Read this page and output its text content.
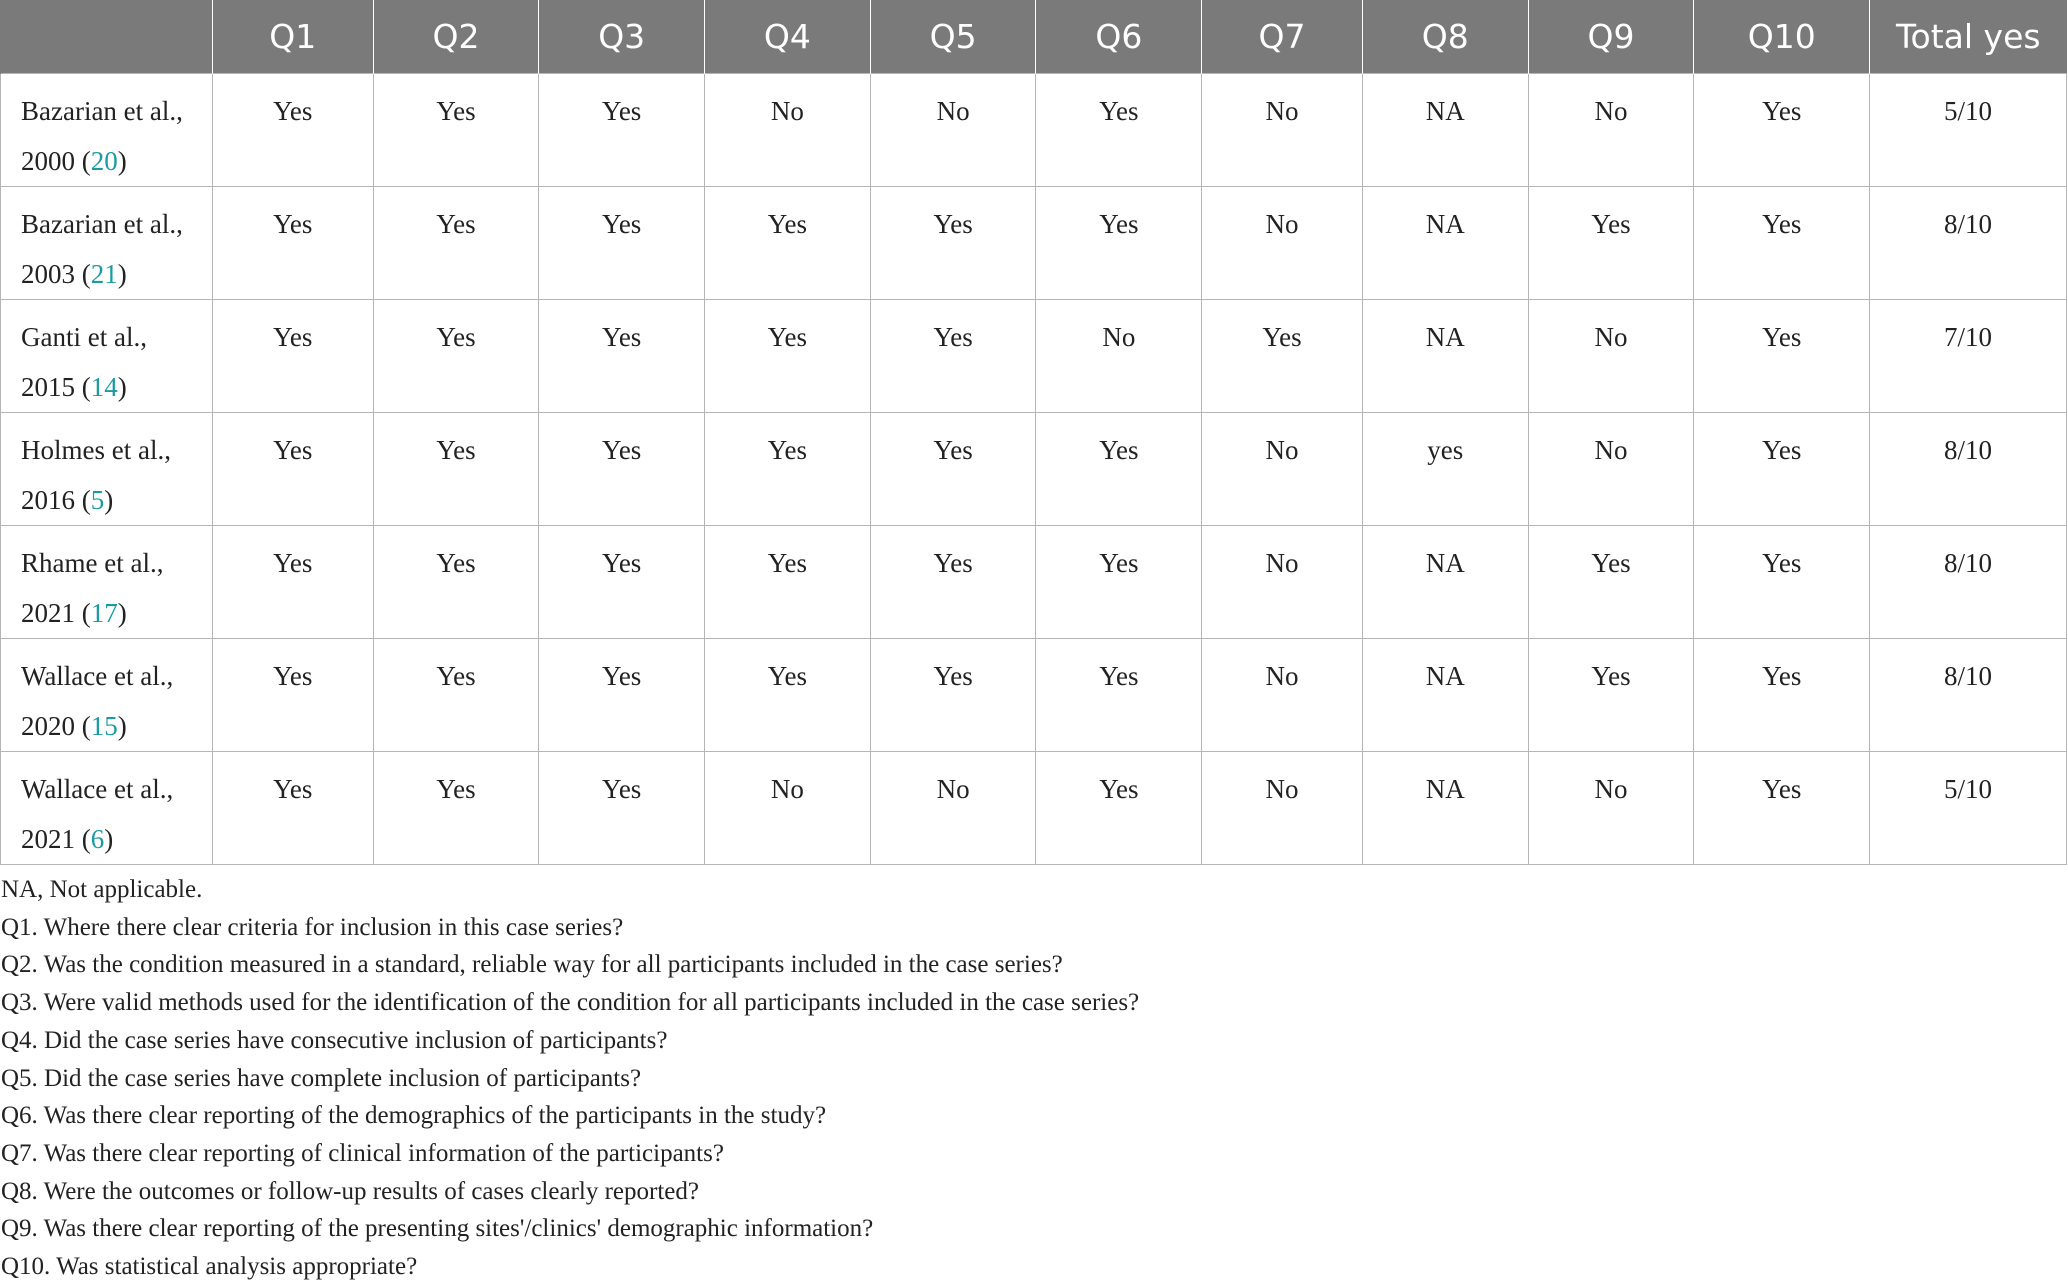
	Q1	Q2	Q3	Q4	Q5	Q6	Q7	Q8	Q9	Q10	Total yes
Bazarian et al.,
2000 (20)	Yes	Yes	Yes	No	No	Yes	No	NA	No	Yes	5/10
Bazarian et al.,
2003 (21)	Yes	Yes	Yes	Yes	Yes	Yes	No	NA	Yes	Yes	8/10
Ganti et al.,
2015 (14)	Yes	Yes	Yes	Yes	Yes	No	Yes	NA	No	Yes	7/10
Holmes et al.,
2016 (5)	Yes	Yes	Yes	Yes	Yes	Yes	No	yes	No	Yes	8/10
Rhame et al.,
2021 (17)	Yes	Yes	Yes	Yes	Yes	Yes	No	NA	Yes	Yes	8/10
Wallace et al.,
2020 (15)	Yes	Yes	Yes	Yes	Yes	Yes	No	NA	Yes	Yes	8/10
Wallace et al.,
2021 (6)	Yes	Yes	Yes	No	No	Yes	No	NA	No	Yes	5/10
NA, Not applicable.
Q1. Where there clear criteria for inclusion in this case series?
Q2. Was the condition measured in a standard, reliable way for all participants included in the case series?
Q3. Were valid methods used for the identification of the condition for all participants included in the case series?
Q4. Did the case series have consecutive inclusion of participants?
Q5. Did the case series have complete inclusion of participants?
Q6. Was there clear reporting of the demographics of the participants in the study?
Q7. Was there clear reporting of clinical information of the participants?
Q8. Were the outcomes or follow-up results of cases clearly reported?
Q9. Was there clear reporting of the presenting sites'/clinics' demographic information?
Q10. Was statistical analysis appropriate?
